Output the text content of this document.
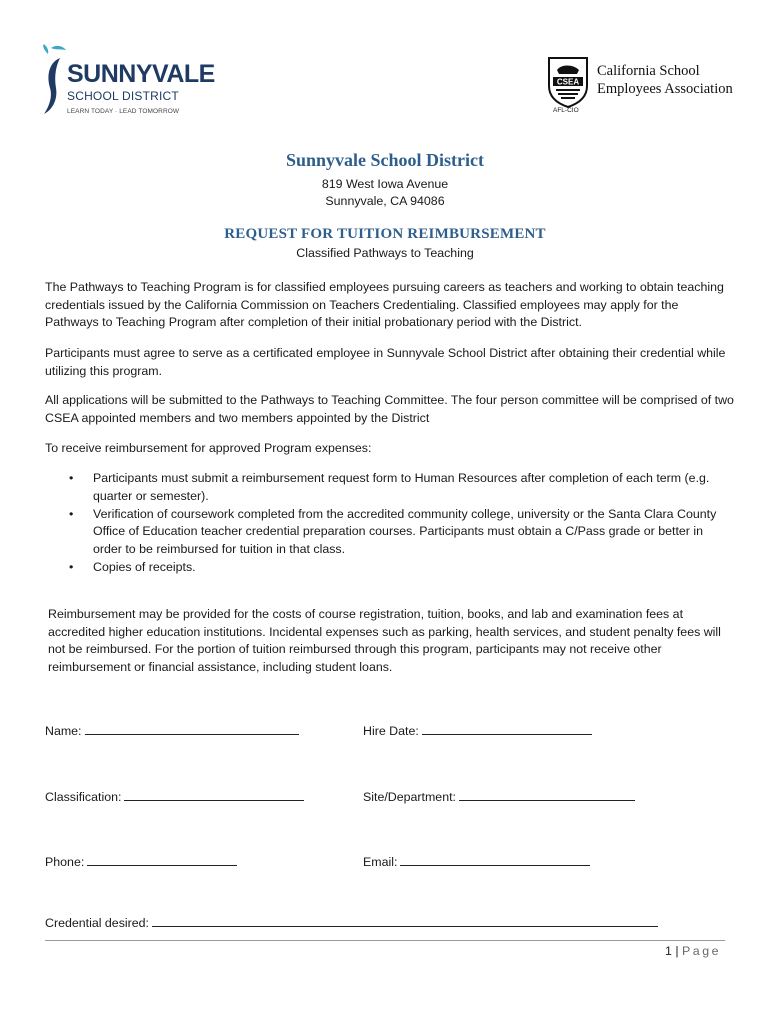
SUNNYVALE
SCHOOL DISTRICT
LEARN TODAY · LEAD TOMORROW
CSEA
California School
Employees Association
AFL-CIO
Sunnyvale School District
819 West Iowa Avenue
Sunnyvale, CA 94086
REQUEST FOR TUITION REIMBURSEMENT
Classified Pathways to Teaching

The Pathways to Teaching Program is for classified employees pursuing careers as teachers and working to obtain teaching credentials issued by the California Commission on Teachers Credentialing. Classified employees may apply for the Pathways to Teaching Program after completion of their initial probationary period with the District.

Participants must agree to serve as a certificated employee in Sunnyvale School District after obtaining their credential while utilizing this program.

All applications will be submitted to the Pathways to Teaching Committee. The four person committee will be comprised of two CSEA appointed members and two members appointed by the District

To receive reimbursement for approved Program expenses:

• Participants must submit a reimbursement request form to Human Resources after completion of each term (e.g. quarter or semester).
• Verification of coursework completed from the accredited community college, university or the Santa Clara County Office of Education teacher credential preparation courses. Participants must obtain a C/Pass grade or better in order to be reimbursed for tuition in that class.
• Copies of receipts.

Reimbursement may be provided for the costs of course registration, tuition, books, and lab and examination fees at accredited higher education institutions. Incidental expenses such as parking, health services, and student penalty fees will not be reimbursed. For the portion of tuition reimbursed through this program, participants may not receive other reimbursement or financial assistance, including student loans.

Name:	Hire Date:
Classification:	Site/Department:
Phone:	Email:
Credential desired:
1 | Page
